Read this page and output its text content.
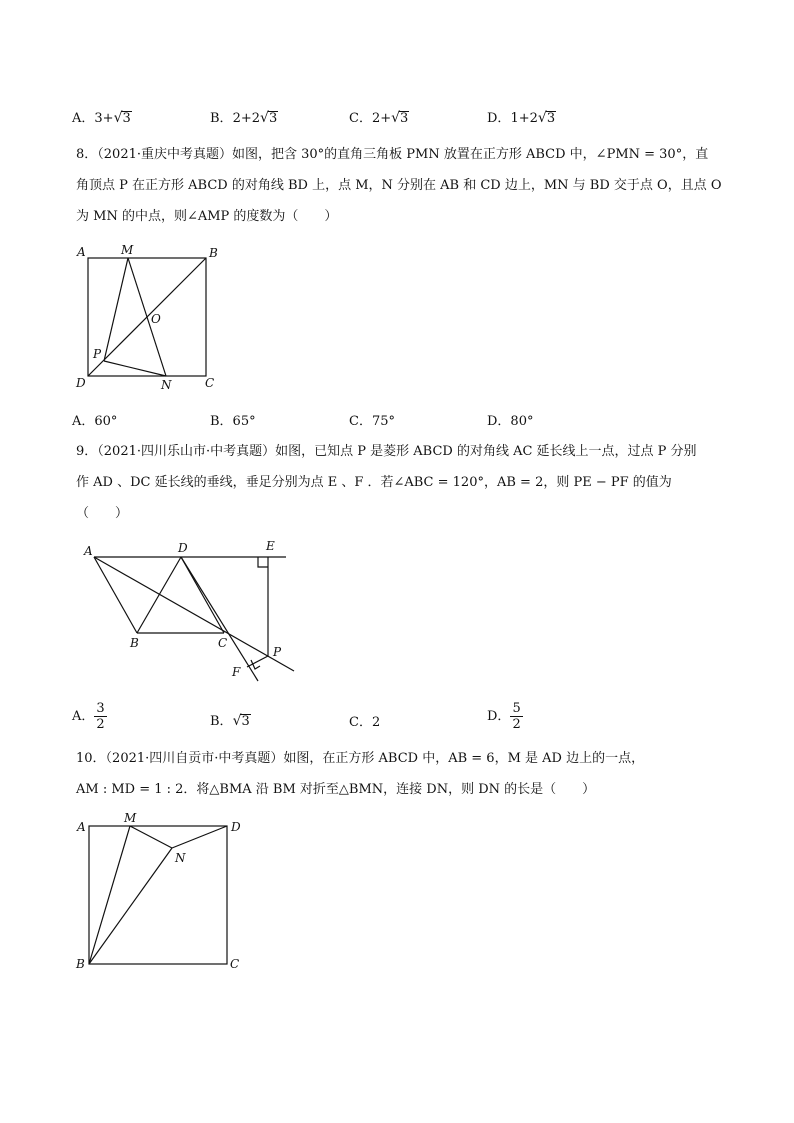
A．3+√3	B．2+2√3	C．2+√3	D．1+2√3
8．（2021·重庆中考真题）如图，把含 30°的直角三角板 PMN 放置在正方形 ABCD 中，∠PMN = 30°，直
角顶点 P 在正方形 ABCD 的对角线 BD 上，点 M，N 分别在 AB 和 CD 边上，MN 与 BD 交于点 O，且点 O
为 MN 的中点，则∠AMP 的度数为（　　）
A	M	B
O
P
D	N	C
A．60°	B．65°	C．75°	D．80°
9．（2021·四川乐山市·中考真题）如图，已知点 P 是菱形 ABCD 的对角线 AC 延长线上一点，过点 P 分别
作 AD 、DC 延长线的垂线，垂足分别为点 E 、F ．若∠ABC = 120°，AB = 2，则 PE − PF 的值为
（　　）
A	D	E
B	C
P
F
A． $\frac{3}{2}$	B．√3	C．2	D． $\frac{5}{2}$
10．（2021·四川自贡市·中考真题）如图，在正方形 ABCD 中，AB = 6，M 是 AD 边上的一点，
AM : MD = 1 : 2．将△BMA 沿 BM 对折至△BMN，连接 DN，则 DN 的长是（　　）
A
M
D
N
B	C
